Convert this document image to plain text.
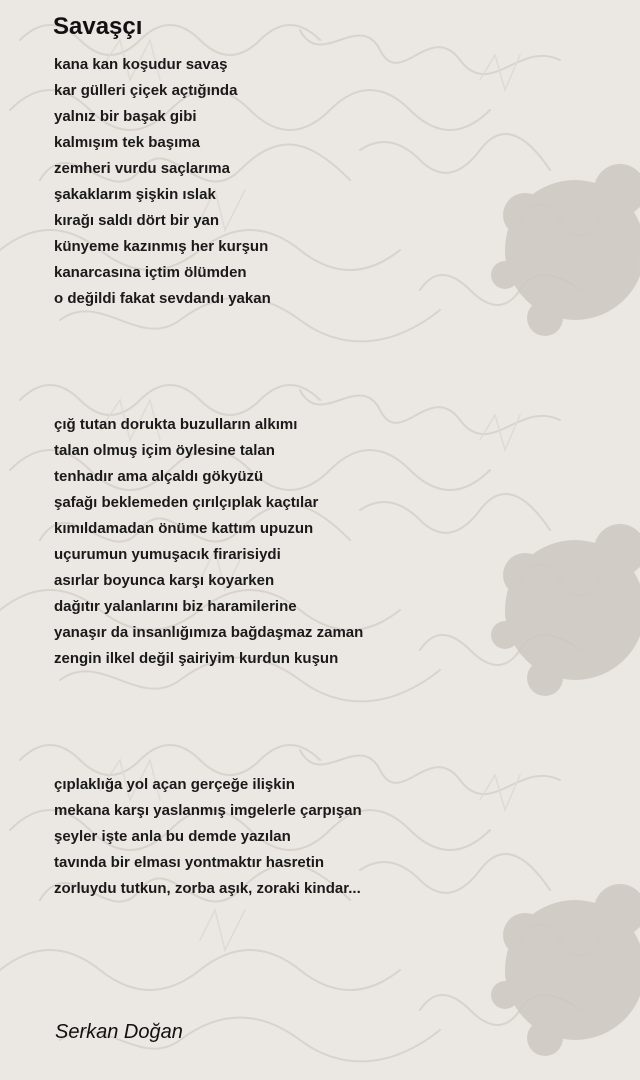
Savaşçı
kana kan koşudur savaş
kar gülleri çiçek açtığında
yalnız bir başak gibi
kalmışım tek başıma
zemheri vurdu saçlarıma
şakaklarım şişkin ıslak
kırağı saldı dört bir yan
künyeme kazınmış her kurşun
kanarcasına içtim ölümden
o değildi fakat sevdandı yakan
çığ tutan dorukta buzulların alkımı
talan olmuş içim öylesine talan
tenhadır ama alçaldı gökyüzü
şafağı beklemeden çırılçıplak kaçtılar
kımıldamadan önüme kattım upuzun
uçurumun yumuşacık firarisiydi
asırlar boyunca karşı koyarken
dağıtır yalanlarını biz haramilerine
yanaşır da insanlığımıza bağdaşmaz zaman
zengin ilkel değil şairiyim kurdun kuşun
çıplaklığa yol açan gerçeğe ilişkin
mekana karşı yaslanmış imgelerle çarpışan
şeyler işte anla bu demde yazılan
tavında bir elması yontmaktır hasretin
zorluydu tutkun, zorba aşık, zoraki kindar...

Serkan Doğan
